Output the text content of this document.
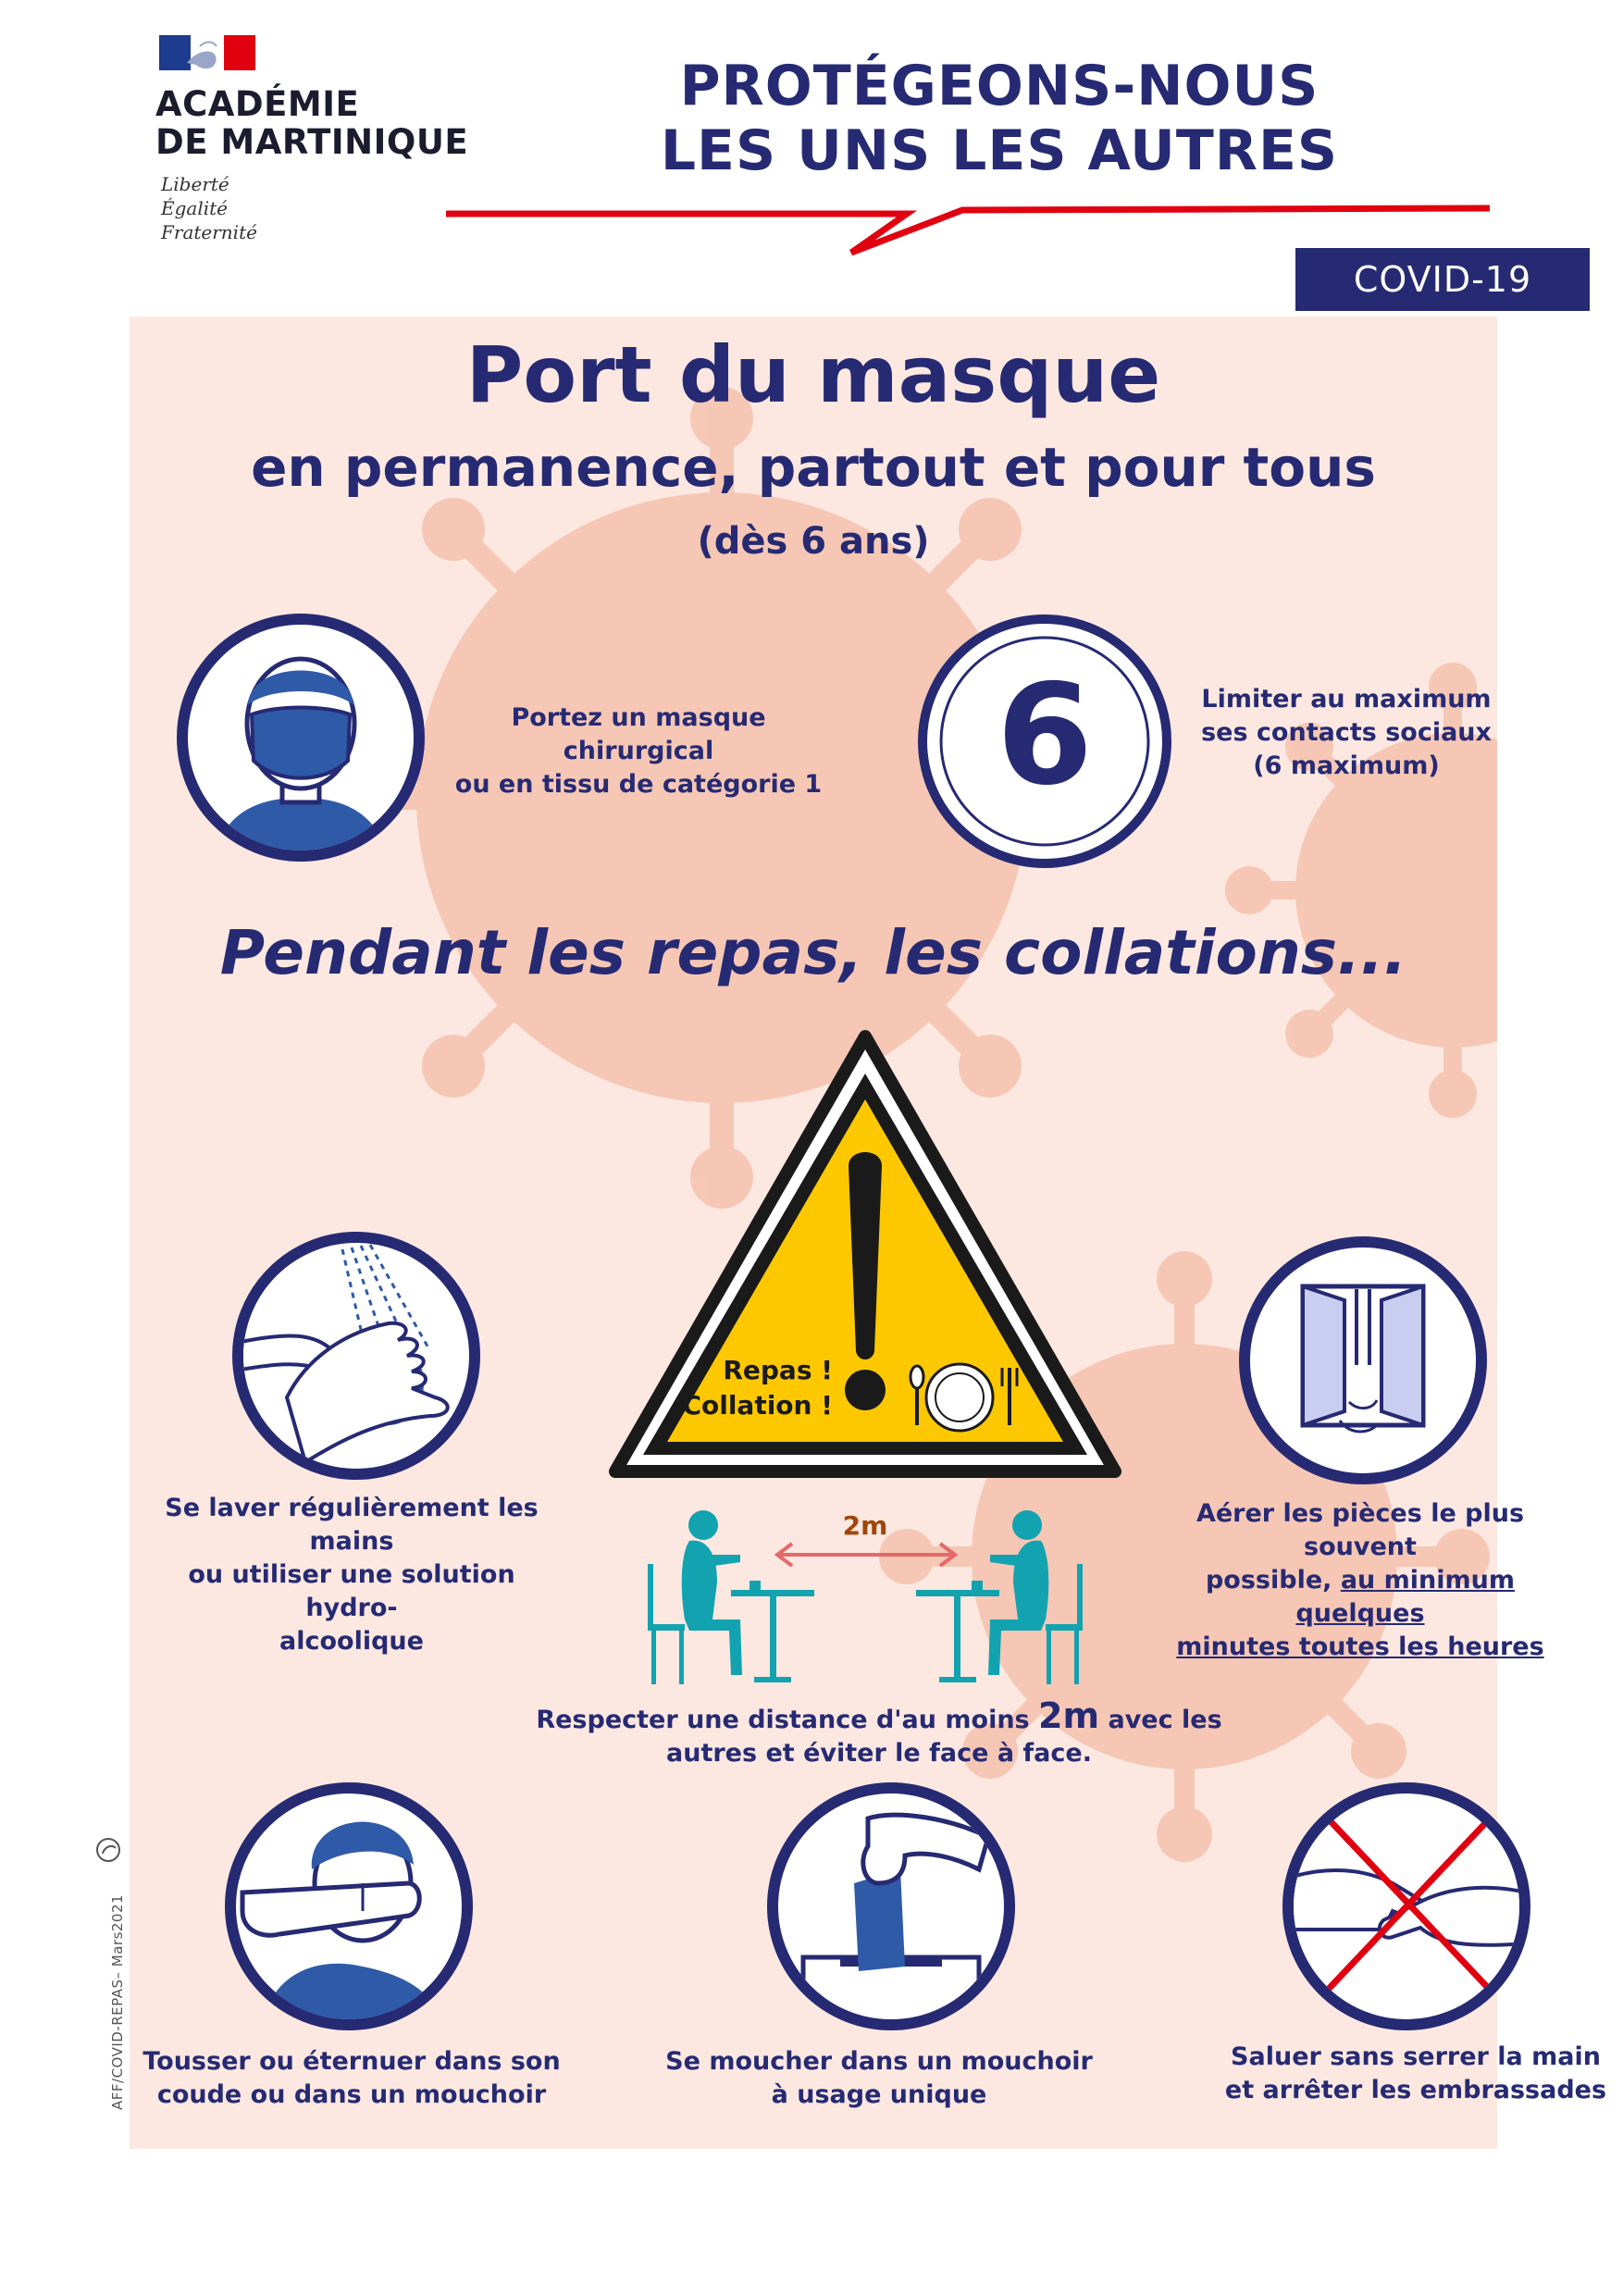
ACADÉMIE
DE MARTINIQUE
Liberté
Égalité
Fraternité
PROTÉGEONS-NOUS
LES UNS LES AUTRES
COVID-19
Port du masque
en permanence, partout et pour tous
(dès 6 ans)
Portez un masque chirurgical
ou en tissu de catégorie 1	6	Limiter au maximum
ses contacts sociaux
(6 maximum)
Pendant les repas, les collations...
Repas !
Collation !
Se laver régulièrement les mains
ou utiliser une solution hydro-
alcoolique
Aérer les pièces le plus souvent
possible, au minimum quelques
minutes toutes les heures
2m
Respecter une distance d'au moins 2m avec les
autres et éviter le face à face.
Tousser ou éternuer dans son
coude ou dans un mouchoir
Se moucher dans un mouchoir
à usage unique
Saluer sans serrer la main
et arrêter les embrassades
AFF/COVID-REPAS– Mars2021
